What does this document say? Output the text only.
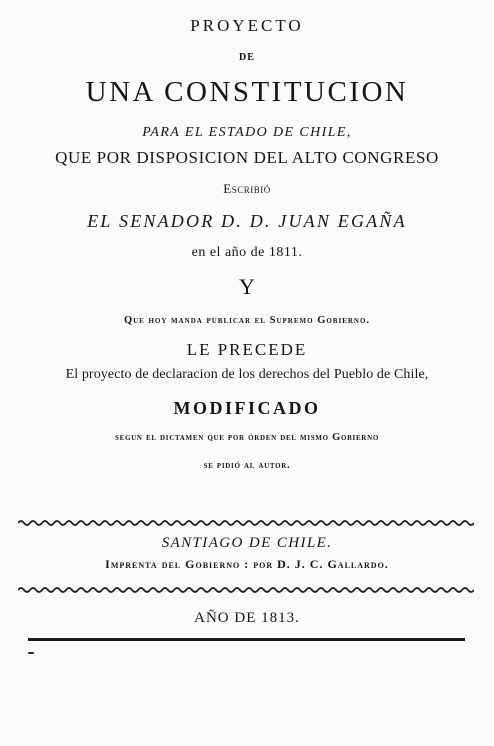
PROYECTO
DE
UNA CONSTITUCION
PARA EL ESTADO DE CHILE,
QUE POR DISPOSICION DEL ALTO CONGRESO
Escribió
EL SENADOR D. D. JUAN EGAÑA
en el año de 1811.
Y
Que hoy manda publicar el Supremo Gobierno.
LE PRECEDE
El proyecto de declaracion de los derechos del Pueblo de Chile,
MODIFICADO
segun el dictamen que por órden del mismo Gobierno
se pidió al autor.
SANTIAGO DE CHILE.
Imprenta del Gobierno : por D. J. C. Gallardo.
AÑO DE 1813.
